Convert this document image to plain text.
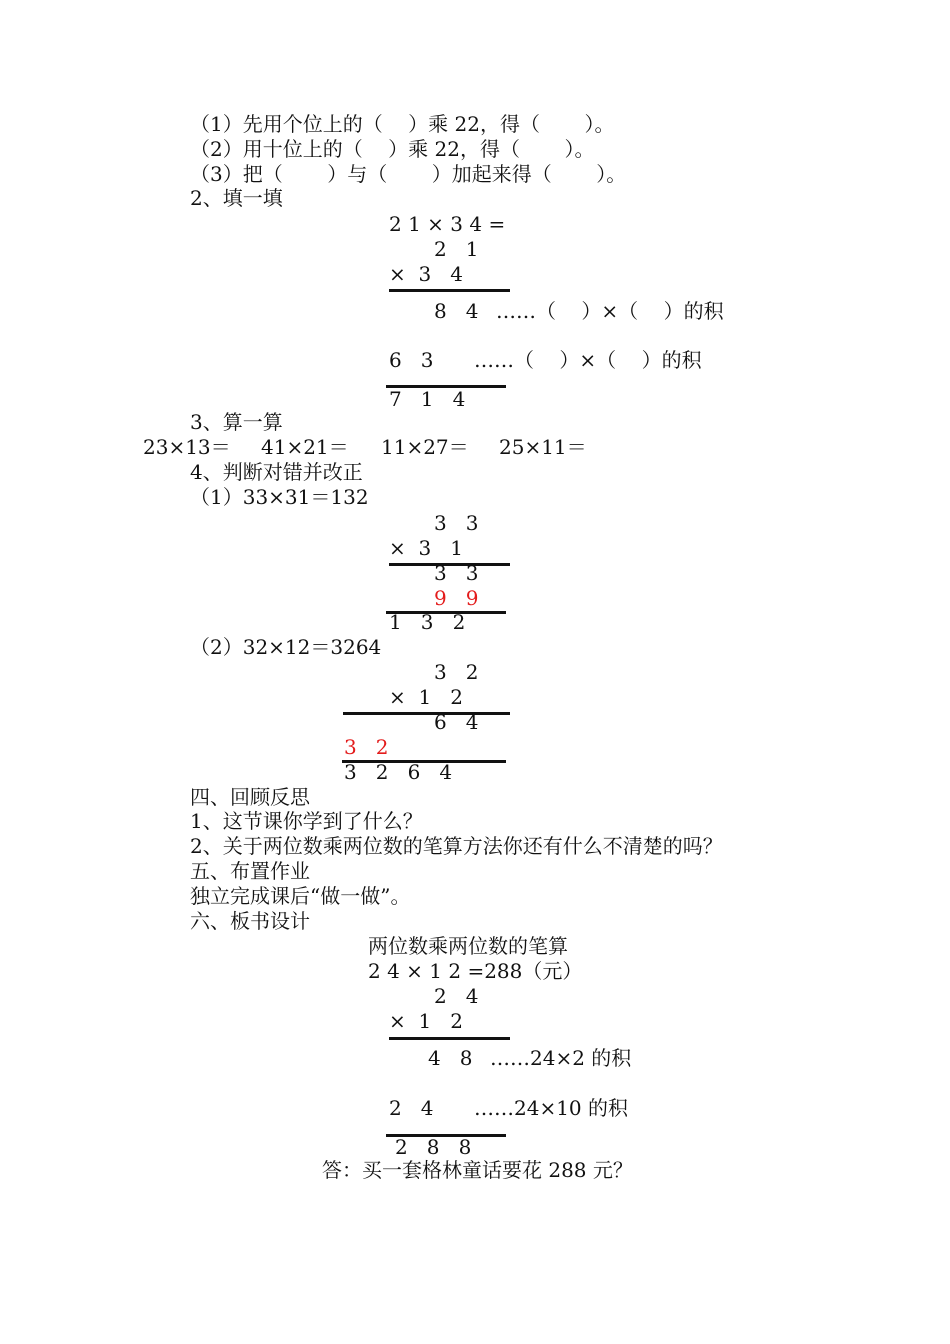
（1）先用个位上的（    ）乘 22，得（       ）。
（2）用十位上的（    ）乘 22，得（       ）。
（3）把（       ）与（       ）加起来得（       ）。
2、填一填
2 1 × 3 4 =
2   1
×  3   4
8   4 ……（    ）×（    ）的积
6   3 ……（    ）×（    ）的积
7   1   4
3、算一算
23×13＝ 41×21＝ 11×27＝ 25×11＝
4、判断对错并改正
（1）33×31＝132
3   3
×  3   1
3   3
9   9
1   3   2
（2）32×12＝3264
3   2
×  1   2
6   4
3   2
3   2   6   4
四、回顾反思
1、这节课你学到了什么？
2、关于两位数乘两位数的笔算方法你还有什么不清楚的吗？
五、布置作业
独立完成课后“做一做”。
六、板书设计
两位数乘两位数的笔算
2 4 × 1 2 =288（元）
2   4
×  1   2
4   8 ……24×2 的积
2   4 ……24×10 的积
2   8   8
答：买一套格林童话要花 288 元？
